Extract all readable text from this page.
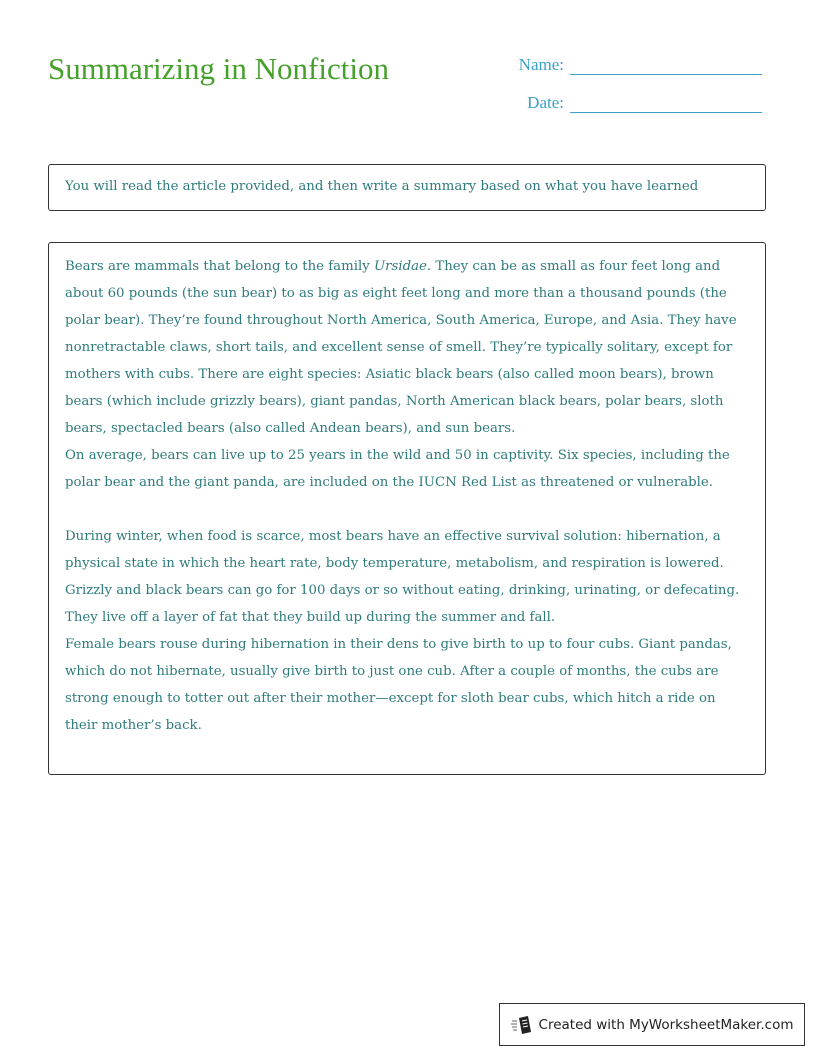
Summarizing in Nonfiction	Name:
Date:
You will read the article provided, and then write a summary based on what you have learned

Bears are mammals that belong to the family Ursidae. They can be as small as four feet long and about 60 pounds (the sun bear) to as big as eight feet long and more than a thousand pounds (the polar bear). They’re found throughout North America, South America, Europe, and Asia. They have nonretractable claws, short tails, and excellent sense of smell. They’re typically solitary, except for mothers with cubs. There are eight species: Asiatic black bears (also called moon bears), brown bears (which include grizzly bears), giant pandas, North American black bears, polar bears, sloth bears, spectacled bears (also called Andean bears), and sun bears.

On average, bears can live up to 25 years in the wild and 50 in captivity. Six species, including the polar bear and the giant panda, are included on the IUCN Red List as threatened or vulnerable.

During winter, when food is scarce, most bears have an effective survival solution: hibernation, a physical state in which the heart rate, body temperature, metabolism, and respiration is lowered. Grizzly and black bears can go for 100 days or so without eating, drinking, urinating, or defecating. They live off a layer of fat that they build up during the summer and fall.

Female bears rouse during hibernation in their dens to give birth to up to four cubs. Giant pandas, which do not hibernate, usually give birth to just one cub. After a couple of months, the cubs are strong enough to totter out after their mother—except for sloth bear cubs, which hitch a ride on their mother’s back.

Created with MyWorksheetMaker.com
